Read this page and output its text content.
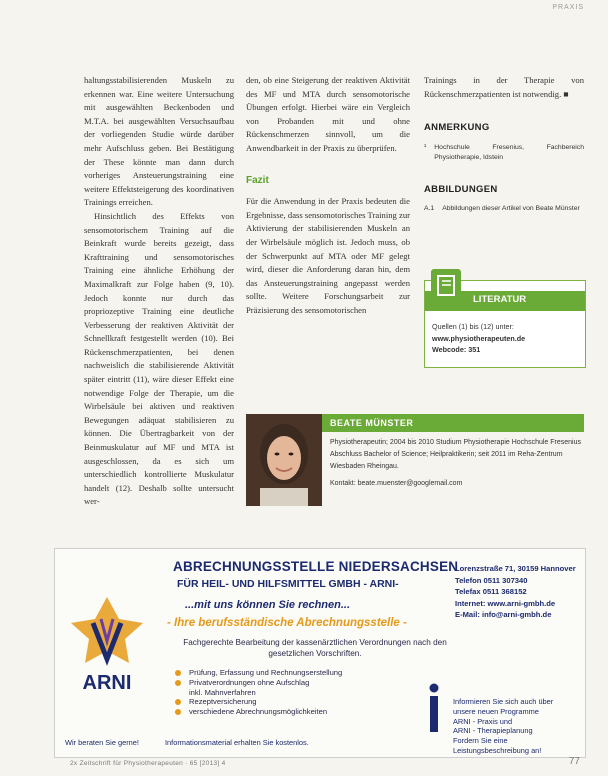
PRAXIS

haltungsstabilisierenden Muskeln zu erkennen war. Eine weitere Untersuchung mit ausgewählten Beckenboden und M.T.A. bei ausgewählten Versuchsaufbau der vorliegenden Studie würde darüber mehr Aufschluss geben. Bei Bestätigung der These könnte man dann durch vorheriges Ansteuerungstraining eine weitere Effektsteigerung des koordinativen Trainings erreichen.

Hinsichtlich des Effekts von sensomotorischem Training auf die Beinkraft wurde bereits gezeigt, dass Krafttraining und sensomotorisches Training eine ähnliche Erhöhung der Maximalkraft zur Folge haben (9, 10). Jedoch konnte nur durch das propriozeptive Training eine deutliche Verbesserung der reaktiven Aktivität der Schnellkraft festgestellt werden (10). Bei Rückenschmerzpatienten, bei denen nachweislich die stabilisierende Aktivität später eintritt (11), wäre dieser Effekt eine notwendige Folge der Therapie, um die Wirbelsäule bei aktiven und reaktiven Bewegungen adäquat stabilisieren zu können. Die Übertragbarkeit von der Beinmuskulatur auf MF und MTA ist ausgeschlossen, da es sich um unterschiedlich kontrollierte Muskulatur handelt (12). Deshalb sollte untersucht wer-

den, ob eine Steigerung der reaktiven Aktivität des MF und MTA durch sensomotorische Übungen erfolgt. Hierbei wäre ein Vergleich von Probanden mit und ohne Rückenschmerzen sinnvoll, um die Anwendbarkeit in der Praxis zu überprüfen.

Fazit

Für die Anwendung in der Praxis bedeuten die Ergebnisse, dass sensomotorisches Training zur Aktivierung der stabilisierenden Muskeln an der Wirbelsäule möglich ist. Jedoch muss, ob der Schwerpunkt auf MTA oder MF gelegt wird, dieser die Anforderung daran hin, dem das Ansteuerungstraining angepasst werden sollte. Weitere Forschungsarbeit zur Präzisierung des sensomotorischen

Trainings in der Therapie von Rückenschmerzpatienten ist notwendig. ■

ANMERKUNG
¹ Hochschule Fresenius, Fachbereich Physiotherapie, Idstein
ABBILDUNGEN
A.1 Abbildungen dieser Artikel von Beate Münster
LITERATUR
Quellen (1) bis (12) unter:
www.physiotherapeuten.de
Webcode: 351
BEATE MÜNSTER
Physiotherapeutin; 2004 bis 2010 Studium Physiotherapie Hochschule Fresenius Abschluss Bachelor of Science; Heilpraktikerin; seit 2011 im Reha-Zentrum Wiesbaden Rheingau.
Kontakt: beate.muenster@googlemail.com
ARNI
ABRECHNUNGSSTELLE NIEDERSACHSEN
FÜR HEIL- UND HILFSMITTEL GMBH - ARNI-
...mit uns können Sie rechnen...
- Ihre berufsständische Abrechnungsstelle -
Fachgerechte Bearbeitung der kassenärztlichen Verordnungen nach den gesetzlichen Vorschriften.
Prüfung, Erfassung und Rechnungserstellung
Privatverordnungen ohne Aufschlag
inkl. Mahnverfahren
Rezeptversicherung
verschiedene Abrechnungsmöglichkeiten
Lorenzstraße 71, 30159 Hannover
Telefon 0511 307340
Telefax 0511 368152
Internet: www.arni-gmbh.de
E-Mail: info@arni-gmbh.de
Informieren Sie sich auch über
unsere neuen Programme
ARNI - Praxis und
ARNI - Therapieplanung
Fordern Sie eine
Leistungsbeschreibung an!
Wir beraten Sie gerne!	Informationsmaterial erhalten Sie kostenlos.
2x Zeitschrift für Physiotherapeuten · 65 [2013] 4	77
